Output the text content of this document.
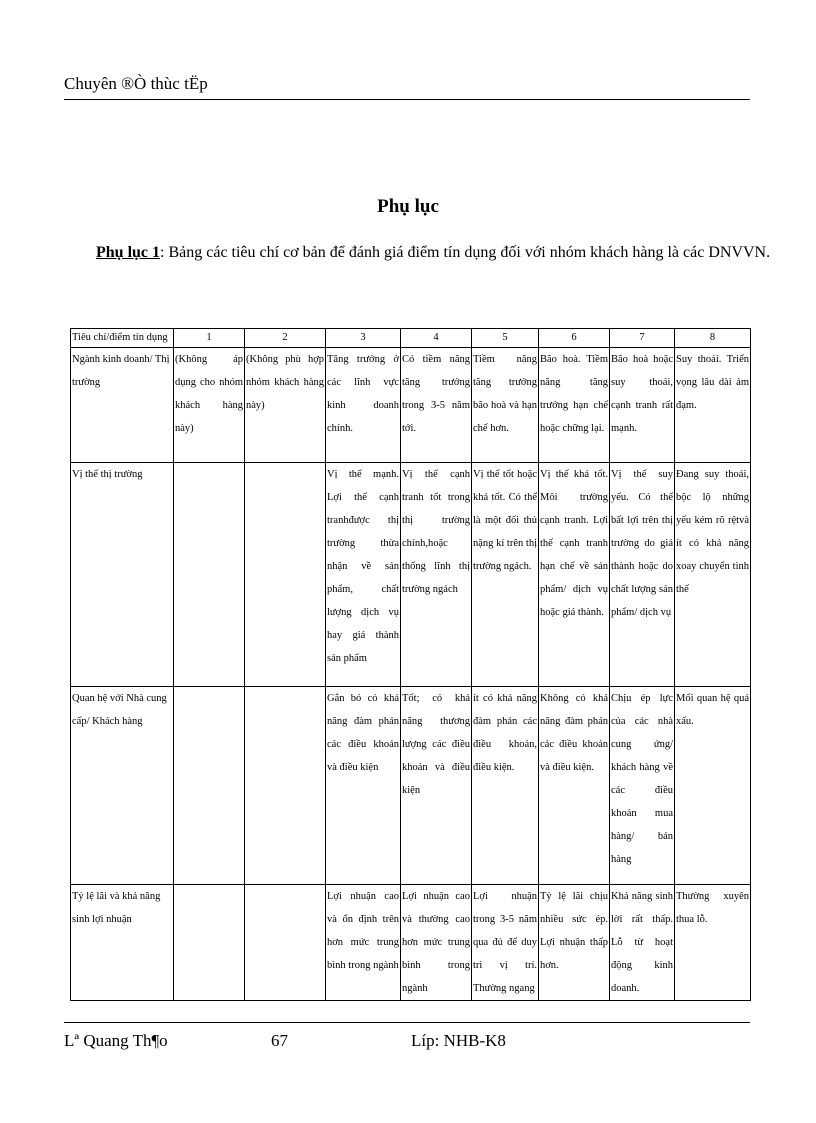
Chuyên ®Ò thùc tËp
Phụ lục
Phụ lục 1: Bảng các tiêu chí cơ bản để đánh giá điểm tín dụng đối với nhóm khách hàng là các DNVVN.
Tiêu chí/điểm tín dụng	1	2	3	4	5	6	7	8
Ngành kinh doanh/ Thị trường	(Không áp dụng cho nhóm khách hàng này)	(Không phù hợp nhóm khách hàng này)	Tăng trưởng ở các lĩnh vực kinh doanh chính.	Có tiềm năng tăng trưởng trong 3-5 năm tới.	Tiềm năng tăng trưởng bão hoà và hạn chế hơn.	Bão hoà. Tiềm năng tăng trưởng hạn chế hoặc chững lại.	Bão hoà hoặc suy thoái, cạnh tranh rất mạnh.	Suy thoái. Triển vọng lâu dài ảm đạm.
Vị thế thị trường			Vị thế mạnh. Lợi thế cạnh tranhđược thị trường thừa nhận về sản phẩm, chất lượng dịch vụ hay giá thành sản phẩm	Vị thế cạnh tranh tốt trong thị trường chính,hoặc thống lĩnh thị trường ngách	Vị thế tốt hoặc khá tốt. Có thể là một đối thủ nặng kí trên thị trường ngách.	Vị thế khá tốt. Môi trường cạnh tranh. Lợi thế cạnh tranh hạn chế về sản phẩm/ dịch vụ hoặc giá thành.	Vị thế suy yếu. Có thể bất lợi trên thị trường do giá thành hoặc do chất lượng sản phẩm/ dịch vụ	Đang suy thoái, bộc lộ những yếu kém rõ rệtvà ít có khả năng xoay chuyển tình thế
Quan hệ với Nhà cung cấp/ Khách hàng			Gắn bó có khả năng đàm phán các điều khoản và điều kiện	Tốt; có khả năng thương lượng các điều khoản và điều kiện	ít có khả năng đàm phán các điều khoản, điều kiện.	Không có khả năng đàm phán các điều khoản và điều kiện.	Chịu ép lực của các nhà cung ứng/ khách hàng về các điều khoản mua hàng/ bán hàng	Mối quan hệ quá xấu.
Tỷ lệ lãi và khả năng sinh lợi nhuận			Lợi nhuận cao và ổn định trên hơn mức trung bình trong ngành	Lợi nhuận cao và thường cao hơn mức trung bình trong ngành	Lợi nhuận trong 3-5 năm qua đủ để duy trì vị trí. Thường ngang	Tỷ lệ lãi chịu nhiều sức ép. Lợi nhuận thấp hơn.	Khả năng sinh lời rất thấp. Lỗ từ hoạt động kinh doanh.	Thường xuyên thua lỗ.
Lª Quang Th¶o	67	Líp: NHB-K8
